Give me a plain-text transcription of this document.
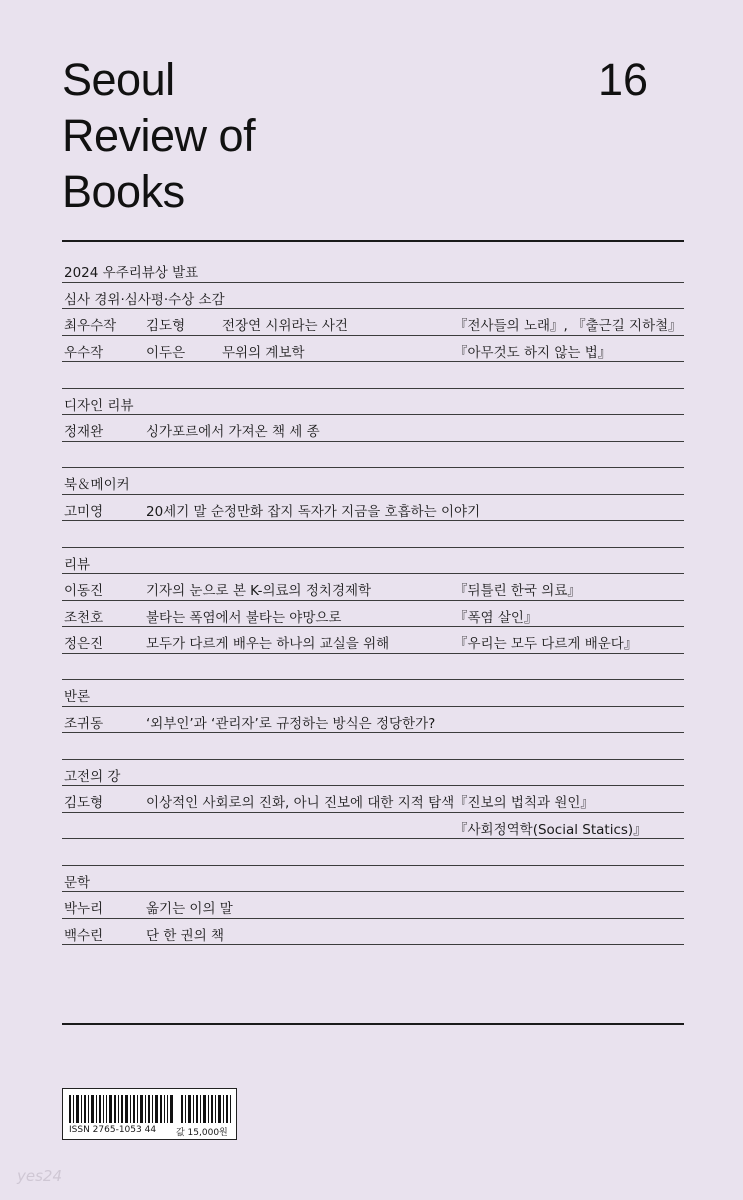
Seoul
Review of
Books
16
2024 우주리뷰상 발표
심사 경위·심사평·수상 소감
최우수작 김도형	전장연 시위라는 사건	『전사들의 노래』, 『출근길 지하철』
우수작	이두은	무위의 계보학	『아무것도 하지 않는 법』
디자인 리뷰
정재완	싱가포르에서 가져온 책 세 종
북＆메이커
고미영	20세기 말 순정만화 잡지 독자가 지금을 호흡하는 이야기
리뷰
이동진	기자의 눈으로 본 K-의료의 정치경제학	『뒤틀린 한국 의료』
조천호	불타는 폭염에서 불타는 야망으로	『폭염 살인』
정은진	모두가 다르게 배우는 하나의 교실을 위해	『우리는 모두 다르게 배운다』
반론
조귀동	‘외부인’과 ‘관리자’로 규정하는 방식은 정당한가?
고전의 강
김도형	이상적인 사회로의 진화, 아니 진보에 대한 지적 탐색 『진보의 법칙과 원인』
『사회정역학(Social Statics)』
문학
박누리	옮기는 이의 말
백수린	단 한 권의 책
ISSN 2765-1053 44 값 15,000원
yes24
